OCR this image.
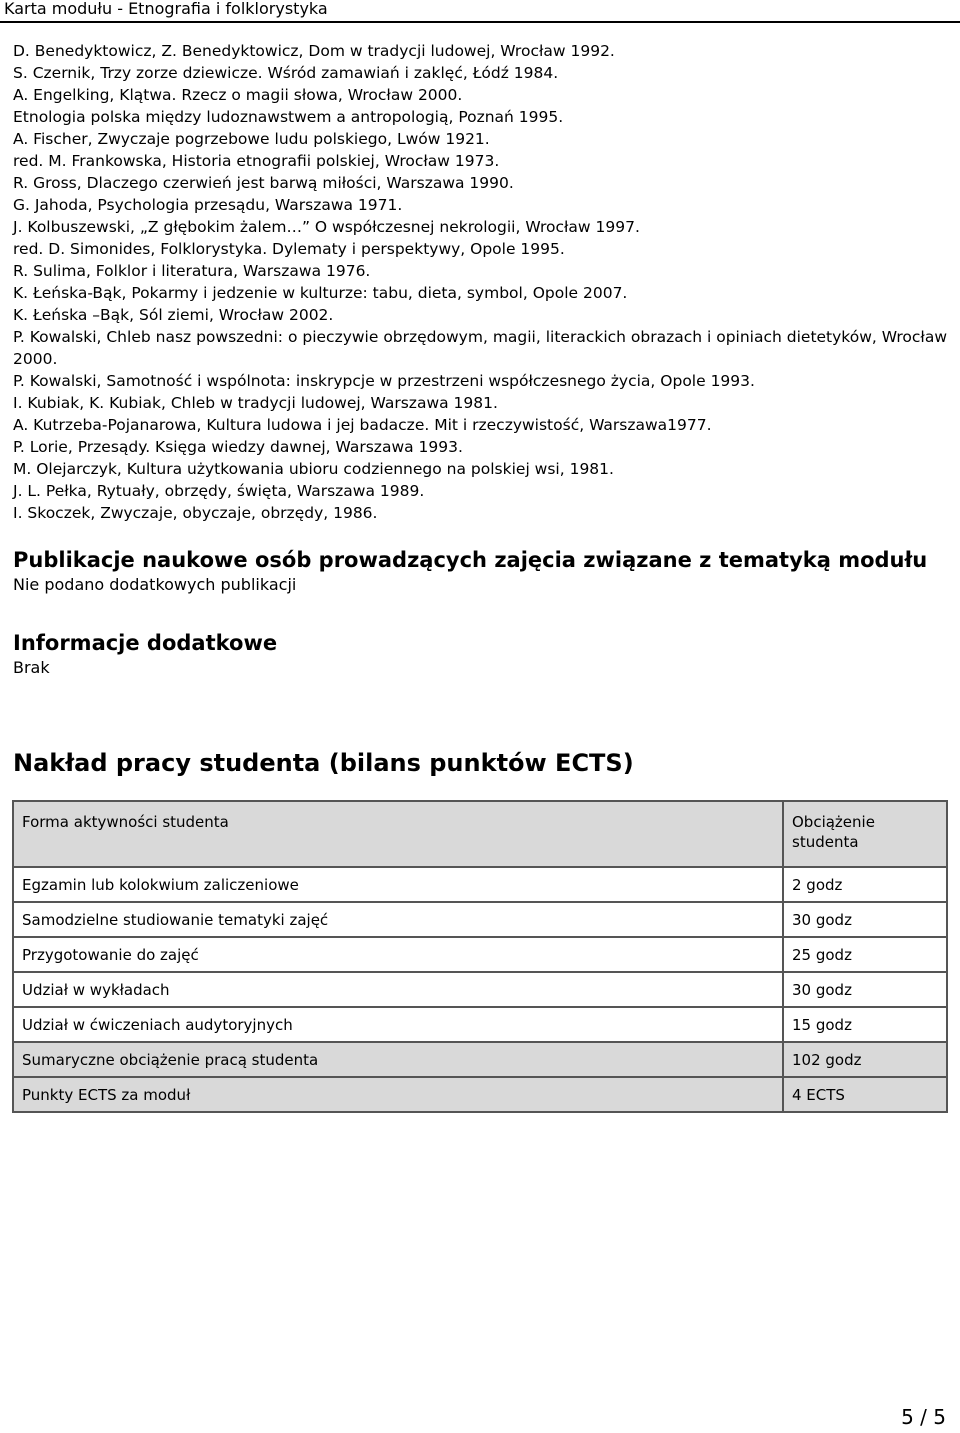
Karta modułu - Etnografia i folklorystyka
D. Benedyktowicz, Z. Benedyktowicz, Dom w tradycji ludowej, Wrocław 1992.
S. Czernik, Trzy zorze dziewicze. Wśród zamawiań i zaklęć, Łódź 1984.
A. Engelking, Klątwa. Rzecz o magii słowa, Wrocław 2000.
Etnologia polska między ludoznawstwem a antropologią, Poznań 1995.
A. Fischer, Zwyczaje pogrzebowe ludu polskiego, Lwów 1921.
red. M. Frankowska, Historia etnografii polskiej, Wrocław 1973.
R. Gross, Dlaczego czerwień jest barwą miłości, Warszawa 1990.
G. Jahoda, Psychologia przesądu, Warszawa 1971.
J. Kolbuszewski, „Z głębokim żalem…” O współczesnej nekrologii, Wrocław 1997.
red. D. Simonides, Folklorystyka. Dylematy i perspektywy, Opole 1995.
R. Sulima, Folklor i literatura, Warszawa 1976.
K. Łeńska-Bąk, Pokarmy i jedzenie w kulturze: tabu, dieta, symbol, Opole 2007.
K. Łeńska –Bąk, Sól ziemi, Wrocław 2002.
P. Kowalski, Chleb nasz powszedni: o pieczywie obrzędowym, magii, literackich obrazach i opiniach dietetyków, Wrocław 2000.
P. Kowalski, Samotność i wspólnota: inskrypcje w przestrzeni współczesnego życia, Opole 1993.
I. Kubiak, K. Kubiak, Chleb w tradycji ludowej, Warszawa 1981.
A. Kutrzeba-Pojanarowa, Kultura ludowa i jej badacze. Mit i rzeczywistość, Warszawa1977.
P. Lorie, Przesądy. Księga wiedzy dawnej, Warszawa 1993.
M. Olejarczyk, Kultura użytkowania ubioru codziennego na polskiej wsi, 1981.
J. L. Pełka, Rytuały, obrzędy, święta, Warszawa 1989.
I. Skoczek, Zwyczaje, obyczaje, obrzędy, 1986.
Publikacje naukowe osób prowadzących zajęcia związane z tematyką modułu
Nie podano dodatkowych publikacji
Informacje dodatkowe
Brak
Nakład pracy studenta (bilans punktów ECTS)
Forma aktywności studenta	Obciążenie studenta
Egzamin lub kolokwium zaliczeniowe	2 godz
Samodzielne studiowanie tematyki zajęć	30 godz
Przygotowanie do zajęć	25 godz
Udział w wykładach	30 godz
Udział w ćwiczeniach audytoryjnych	15 godz
Sumaryczne obciążenie pracą studenta	102 godz
Punkty ECTS za moduł	4 ECTS
5 / 5
